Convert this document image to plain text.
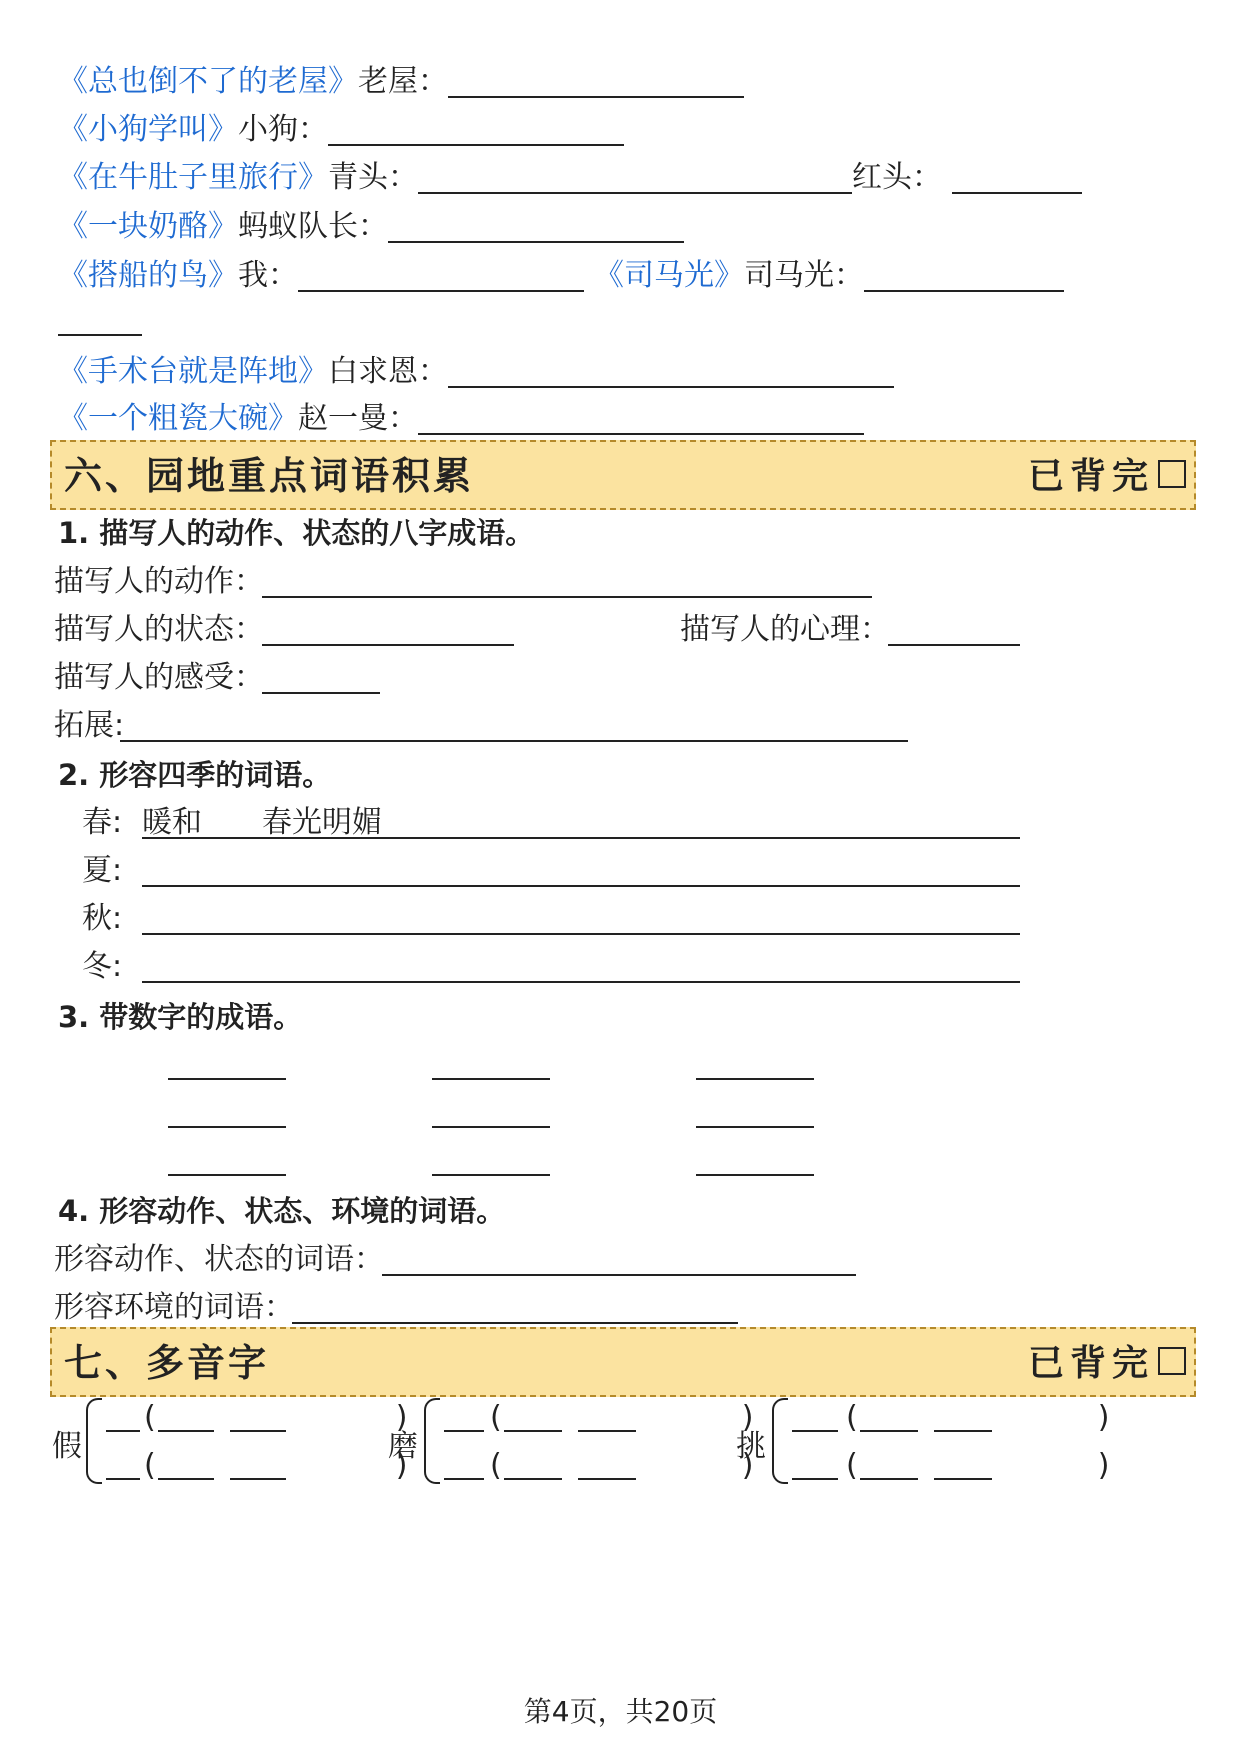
《总也倒不了的老屋》老屋：
《小狗学叫》小狗：
《在牛肚子里旅行》青头：	红头：
《一块奶酪》蚂蚁队长：
《搭船的鸟》我：	《司马光》司马光：
《手术台就是阵地》白求恩：
《一个粗瓷大碗》赵一曼：
六、园地重点词语积累	已背完
1. 描写人的动作、状态的八字成语。
描写人的动作：
描写人的状态：	描写人的心理：
描写人的感受：
拓展:
2. 形容四季的词语。
春: 暖和　　春光明媚
夏:
秋:
冬:
3. 带数字的成语。
4. 形容动作、状态、环境的词语。
形容动作、状态的词语：
形容环境的词语：
七、多音字	已背完
假
(　　　　　　　　)
(　　　　　　　　)
磨
(　　　　　　　　)
(　　　　　　　　)
挑
(　　　　　　　　)
(　　　　　　　　)
第4页，共20页
